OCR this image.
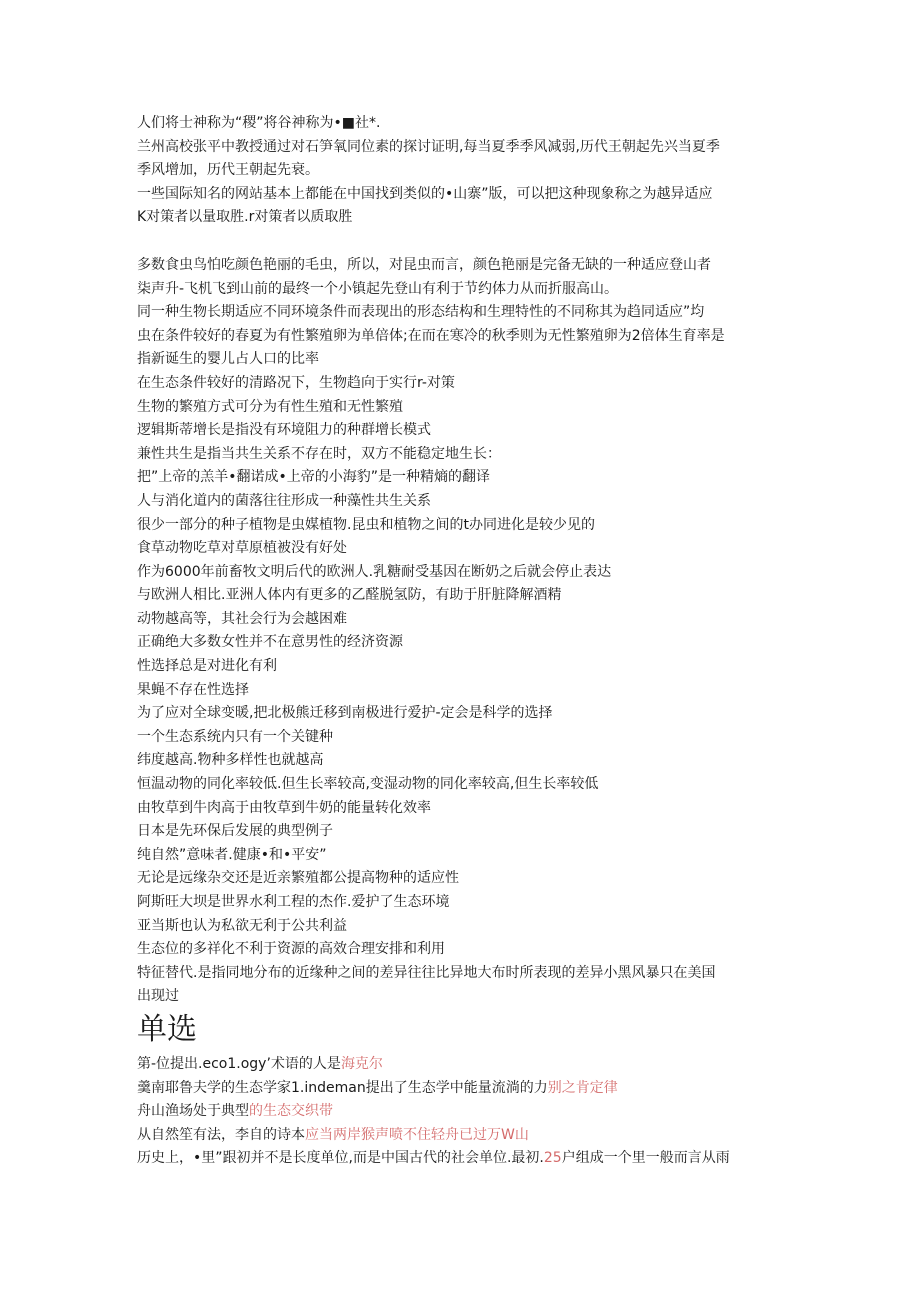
人们将士神称为“稷”将谷神称为•■社*.
兰州高校张平中教授通过对石笋氧同位素的探讨证明,每当夏季季风减弱,历代王朝起先兴当夏季
季风增加，历代王朝起先衰。
一些国际知名的网站基本上都能在中国找到类似的•山寨”版，可以把这种现象称之为越异适应
K对策者以量取胜.r对策者以质取胜
多数食虫鸟怕吃颜色艳丽的毛虫，所以，对昆虫而言，颜色艳丽是完备无缺的一种适应登山者
柒声升-飞机飞到山前的最终一个小镇起先登山有利于节约体力从而折服高山。
同一种生物长期适应不同环境条件而表现出的形态结构和生理特性的不同称其为趋同适应”均
虫在条件较好的春夏为有性繁殖卵为单倍体;在而在寒冷的秋季则为无性繁殖卵为2倍体生育率是
指新诞生的婴儿占人口的比率
在生态条件较好的清路况下，生物趋向于实行r-对策
生物的繁殖方式可分为有性生殖和无性繁殖
逻辑斯蒂增长是指没有环境阻力的种群增长模式
兼性共生是指当共生关系不存在时，双方不能稳定地生长：
把”上帝的羔羊•翻诺成•上帝的小海豹”是一种精熵的翻译
人与消化道内的菌落往往形成一种藻性共生关系
很少一部分的种子植物是虫媒植物.昆虫和植物之间的t办同进化是较少见的
食草动物吃草对草原植被没有好处
作为6000年前畜牧文明后代的欧洲人.乳糖耐受基因在断奶之后就会停止表达
与欧洲人相比.亚洲人体内有更多的乙醛脱氢防，有助于肝脏降解酒精
动物越高等，其社会行为会越困难
正确绝大多数女性并不在意男性的经济资源
性选择总是对进化有利
果蝇不存在性选择
为了应对全球变暖,把北极熊迁移到南极进行爱护-定会是科学的选择
一个生态系统内只有一个关键种
纬度越高.物种多样性也就越高
恒温动物的同化率较低.但生长率较高,变湿动物的同化率较高,但生长率较低
由牧草到牛肉高于由牧草到牛奶的能量转化效率
日本是先环保后发展的典型例子
纯自然”意味者.健康•和•平安”
无论是远缘杂交还是近亲繁殖都公提高物种的适应性
阿斯旺大坝是世界水利工程的杰作.爱护了生态环境
亚当斯也认为私欲无利于公共利益
生态位的多祥化不利于资源的高效合理安排和利用
特征替代.是指同地分布的近缘种之间的差异往往比异地大布时所表现的差异小黑风暴只在美国
出现过
单选
第-位提出.eco1.ogy’术语的人是海克尔
羹南耶鲁夫学的生态学家1.indeman提出了生态学中能量流淌的力别之肯定律
舟山渔场处于典型的生态交织带
从自然笙有法，李自的诗本应当两岸猴声喷不住轻舟已过万W山
历史上，•里”跟初并不是长度单位,而是中国古代的社会单位.最初.25户组成一个里一般而言从雨
